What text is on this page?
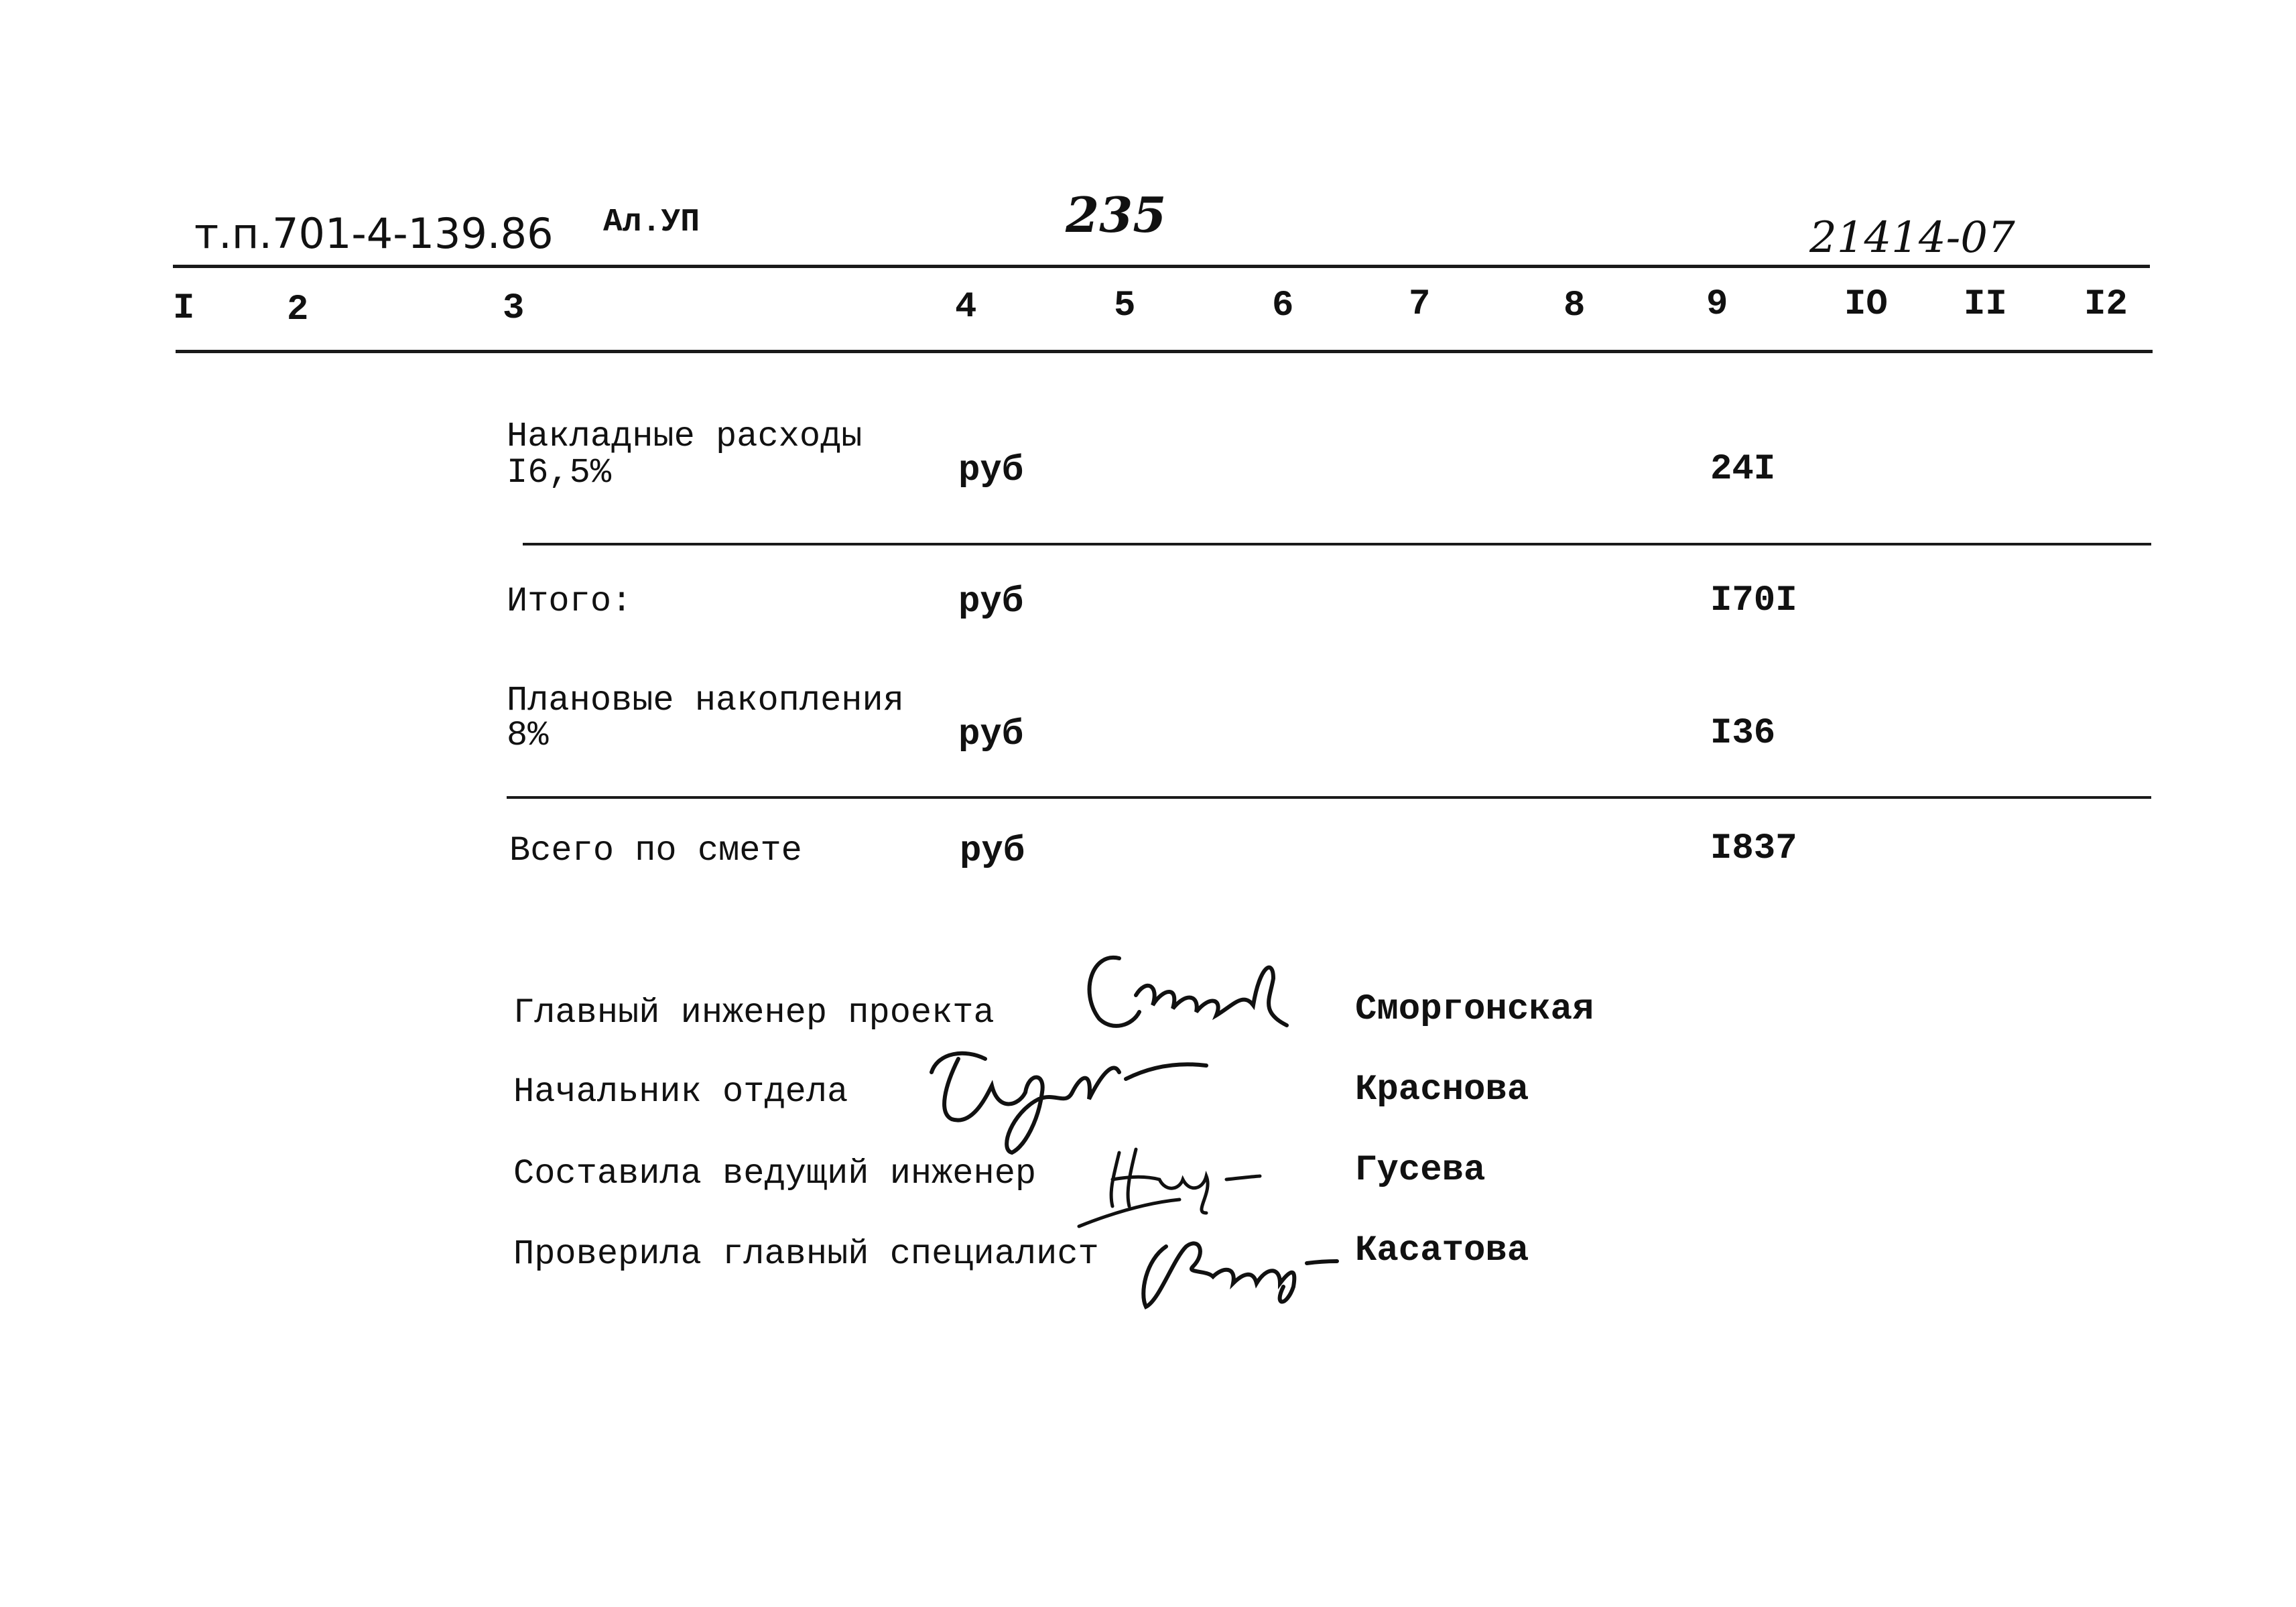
т.п.701-4-139.86 Ал.УП	235	21414-07
I	2	3	4	5	6	7	8	9	IO II I2
Накладные расходы
I6,5%	руб	24I
Итого:	руб	I70I
Плановые накопления
8%	руб	I36
Всего по смете	руб	I837
Главный инженер проекта	Сморгонская
Начальник отдела	Краснова
Составила ведущий инженер	Гусева
Проверила главный специалист	Касатова
